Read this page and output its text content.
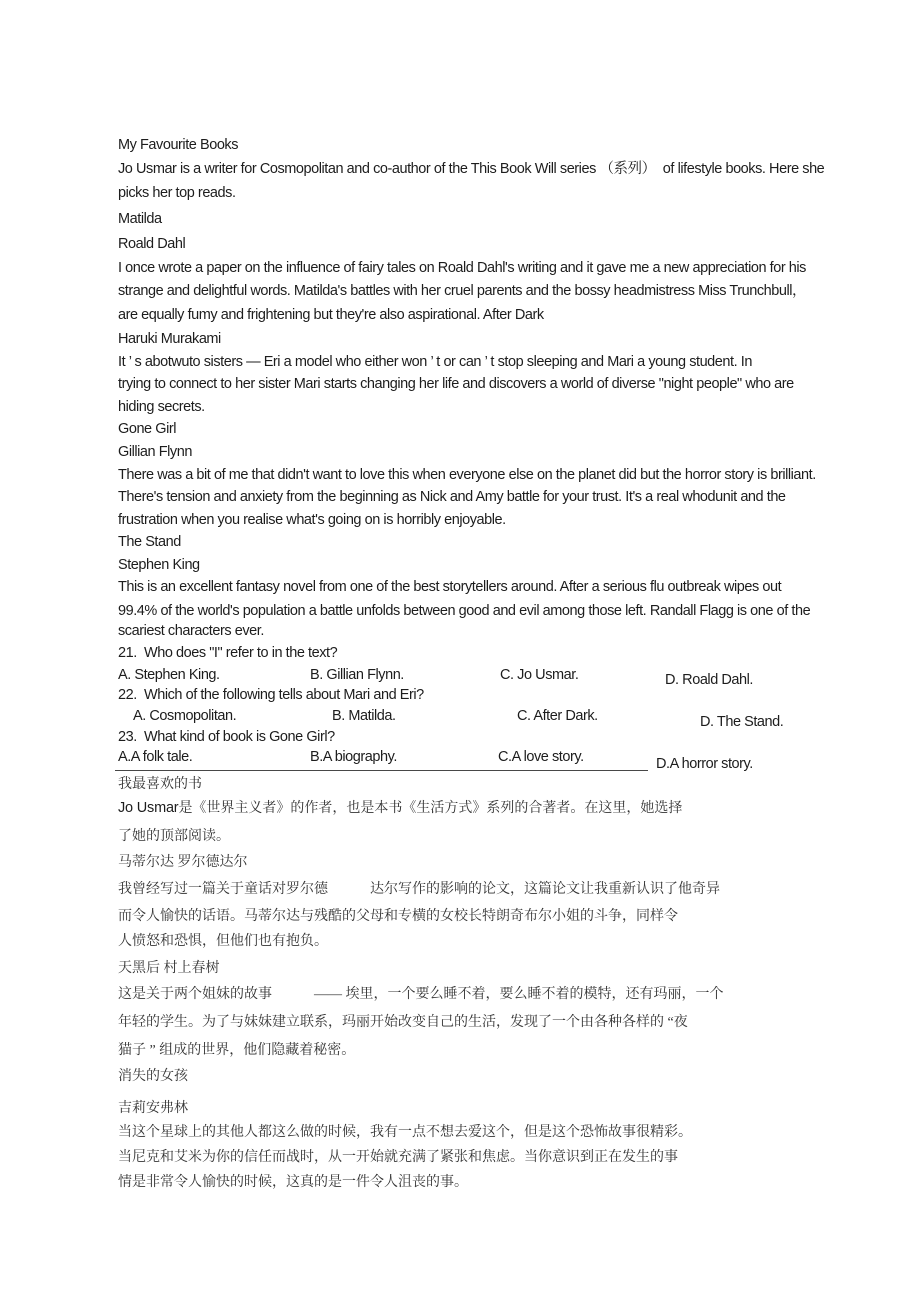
My Favourite Books
Jo Usmar is a writer for Cosmopolitan and co-author of the This Book Will series （系列）  of lifestyle books. Here she
picks her top reads.
Matilda
Roald Dahl
I once wrote a paper on the influence of fairy tales on Roald Dahl's writing and it gave me a new appreciation for his
strange and delightful words. Matilda's battles with her cruel parents and the bossy headmistress Miss Trunchbull，
are equally fumy and frightening but they're also aspirational. After Dark
Haruki Murakami
It ’ s abotwuto sisters — Eri a model who either won ’ t or can ’ t stop sleeping and Mari a young student. In
trying to connect to her sister Mari starts changing her life and discovers a world of diverse "night people" who are
hiding secrets.
Gone Girl
Gillian Flynn
There was a bit of me that didn't want to love this when everyone else on the planet did but the horror story is brilliant.
There's tension and anxiety from the beginning as Nick and Amy battle for your trust. It's a real whodunit and the
frustration when you realise what's going on is horribly enjoyable.
The Stand
Stephen King
This is an excellent fantasy novel from one of the best storytellers around. After a serious flu outbreak wipes out
99.4% of the world's population a battle unfolds between good and evil among those left. Randall Flagg is one of the
scariest characters ever.
21.  Who does "I" refer to in the text?
A. Stephen King.	B. Gillian Flynn.	C. Jo Usmar.	D. Roald Dahl.
22.  Which of the following tells about Mari and Eri?
A. Cosmopolitan.	B. Matilda.	C. After Dark.	D. The Stand.
23.  What kind of book is Gone Girl?
A.A folk tale.	B.A biography.	C.A love story.	D.A horror story.
我最喜欢的书
Jo Usmar是《世界主义者》的作者，也是本书《生活方式》系列的合著者。在这里，她选择
了她的顶部阅读。
马蒂尔达 罗尔德达尔
我曾经写过一篇关于童话对罗尔德　　　达尔写作的影响的论文，这篇论文让我重新认识了他奇异
而令人愉快的话语。马蒂尔达与残酷的父母和专横的女校长特朗奇布尔小姐的斗争，同样令
人愤怒和恐惧，但他们也有抱负。
天黑后 村上春树
这是关于两个姐妹的故事　　　—— 埃里，一个要么睡不着，要么睡不着的模特，还有玛丽，一个
年轻的学生。为了与妹妹建立联系，玛丽开始改变自己的生活，发现了一个由各种各样的 “夜
猫子 ” 组成的世界，他们隐藏着秘密。
消失的女孩
吉莉安弗林
当这个星球上的其他人都这么做的时候，我有一点不想去爱这个，但是这个恐怖故事很精彩。
当尼克和艾米为你的信任而战时，从一开始就充满了紧张和焦虑。当你意识到正在发生的事
情是非常令人愉快的时候，这真的是一件令人沮丧的事。
